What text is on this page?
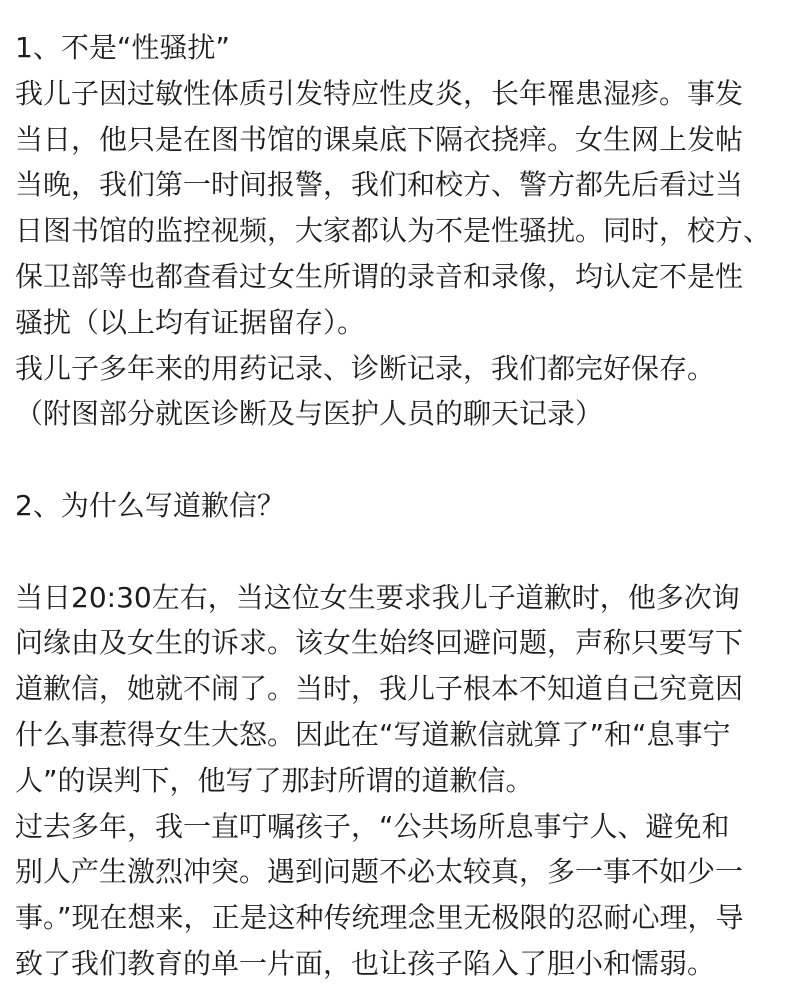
1、不是“性骚扰”
我儿子因过敏性体质引发特应性皮炎，长年罹患湿疹。事发
当日，他只是在图书馆的课桌底下隔衣挠痒。女生网上发帖
当晚，我们第一时间报警，我们和校方、警方都先后看过当
日图书馆的监控视频，大家都认为不是性骚扰。同时，校方、
保卫部等也都查看过女生所谓的录音和录像，均认定不是性
骚扰（以上均有证据留存）。
我儿子多年来的用药记录、诊断记录，我们都完好保存。
（附图部分就医诊断及与医护人员的聊天记录）
2、为什么写道歉信？
当日20:30左右，当这位女生要求我儿子道歉时，他多次询
问缘由及女生的诉求。该女生始终回避问题，声称只要写下
道歉信，她就不闹了。当时，我儿子根本不知道自己究竟因
什么事惹得女生大怒。因此在“写道歉信就算了”和“息事宁
人”的误判下，他写了那封所谓的道歉信。
过去多年，我一直叮嘱孩子，“公共场所息事宁人、避免和
别人产生激烈冲突。遇到问题不必太较真，多一事不如少一
事。”现在想来，正是这种传统理念里无极限的忍耐心理，导
致了我们教育的单一片面，也让孩子陷入了胆小和懦弱。
